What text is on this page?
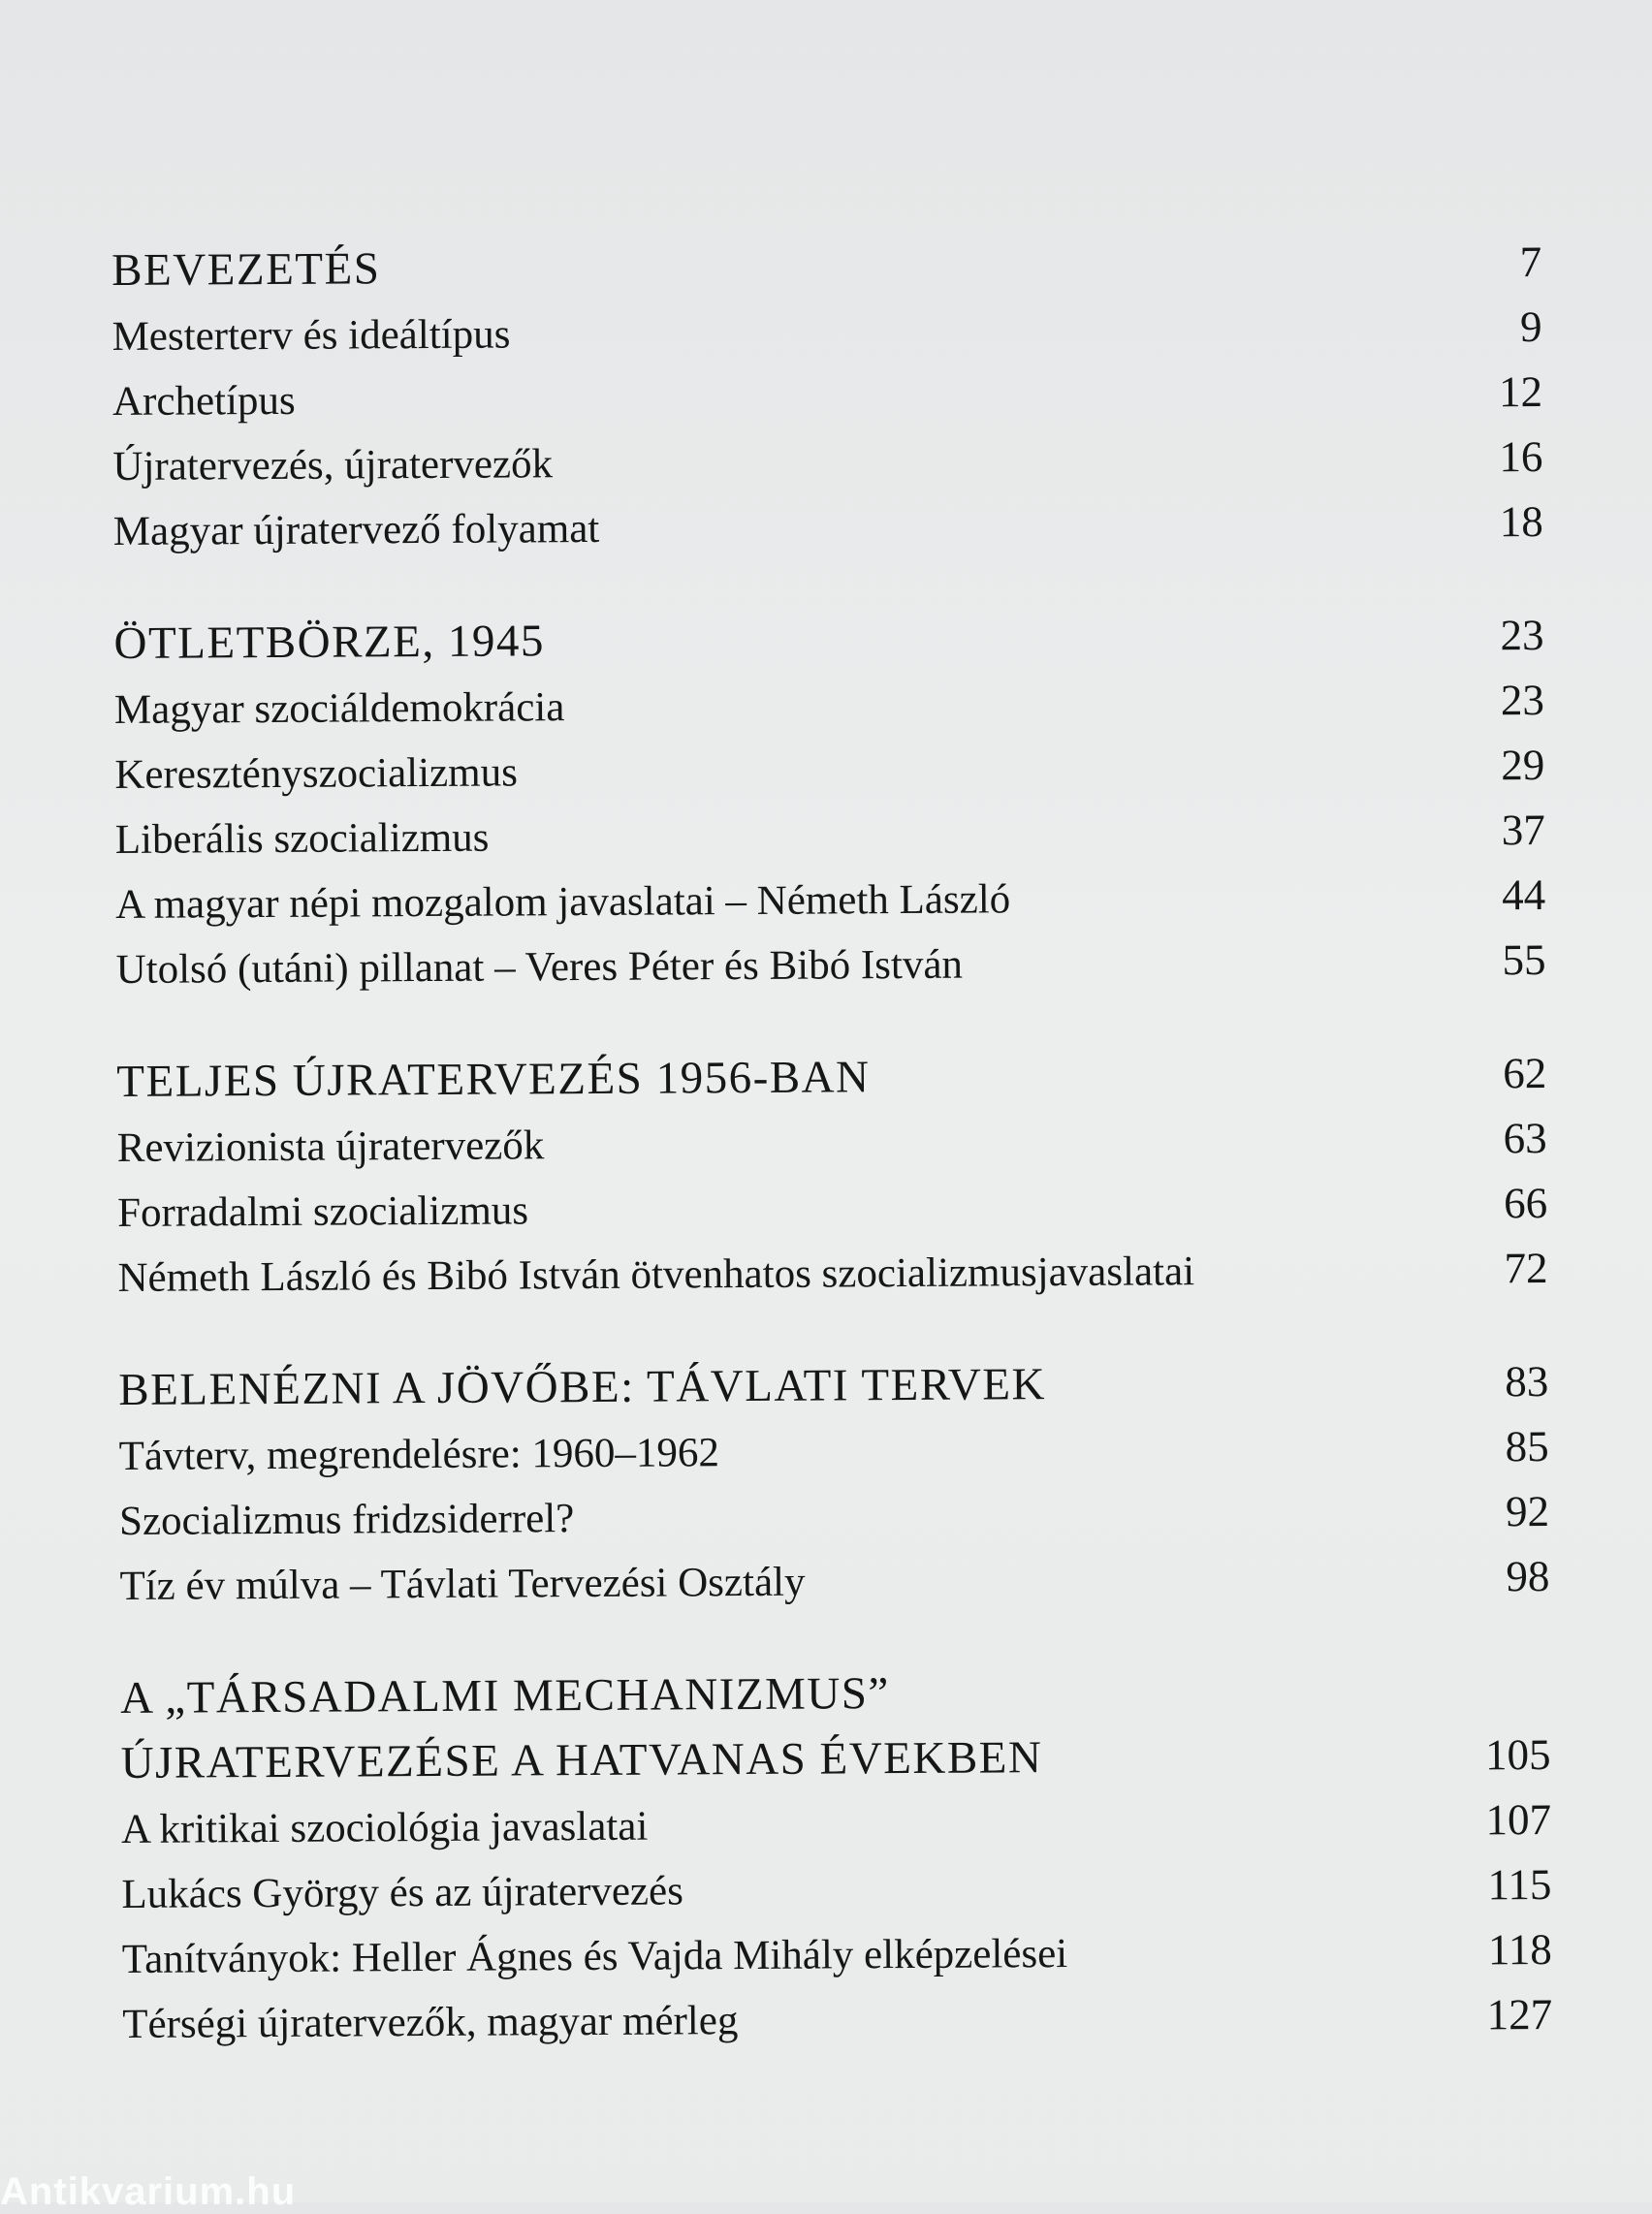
BEVEZETÉS	7
Mesterterv és ideáltípus	9
Archetípus	12
Újratervezés, újratervezők	16
Magyar újratervező folyamat	18
ÖTLETBÖRZE, 1945	23
Magyar szociáldemokrácia	23
Keresztényszocializmus	29
Liberális szocializmus	37
A magyar népi mozgalom javaslatai – Németh László	44
Utolsó (utáni) pillanat – Veres Péter és Bibó István	55
TELJES ÚJRATERVEZÉS 1956-BAN	62
Revizionista újratervezők	63
Forradalmi szocializmus	66
Németh László és Bibó István ötvenhatos szocializmusjavaslatai	72
BELENÉZNI A JÖVŐBE: TÁVLATI TERVEK	83
Távterv, megrendelésre: 1960–1962	85
Szocializmus fridzsiderrel?	92
Tíz év múlva – Távlati Tervezési Osztály	98
A „TÁRSADALMI MECHANIZMUS”
ÚJRATERVEZÉSE A HATVANAS ÉVEKBEN	105
A kritikai szociológia javaslatai	107
Lukács György és az újratervezés	115
Tanítványok: Heller Ágnes és Vajda Mihály elképzelései	118
Térségi újratervezők, magyar mérleg	127
Antikvarium.hu
